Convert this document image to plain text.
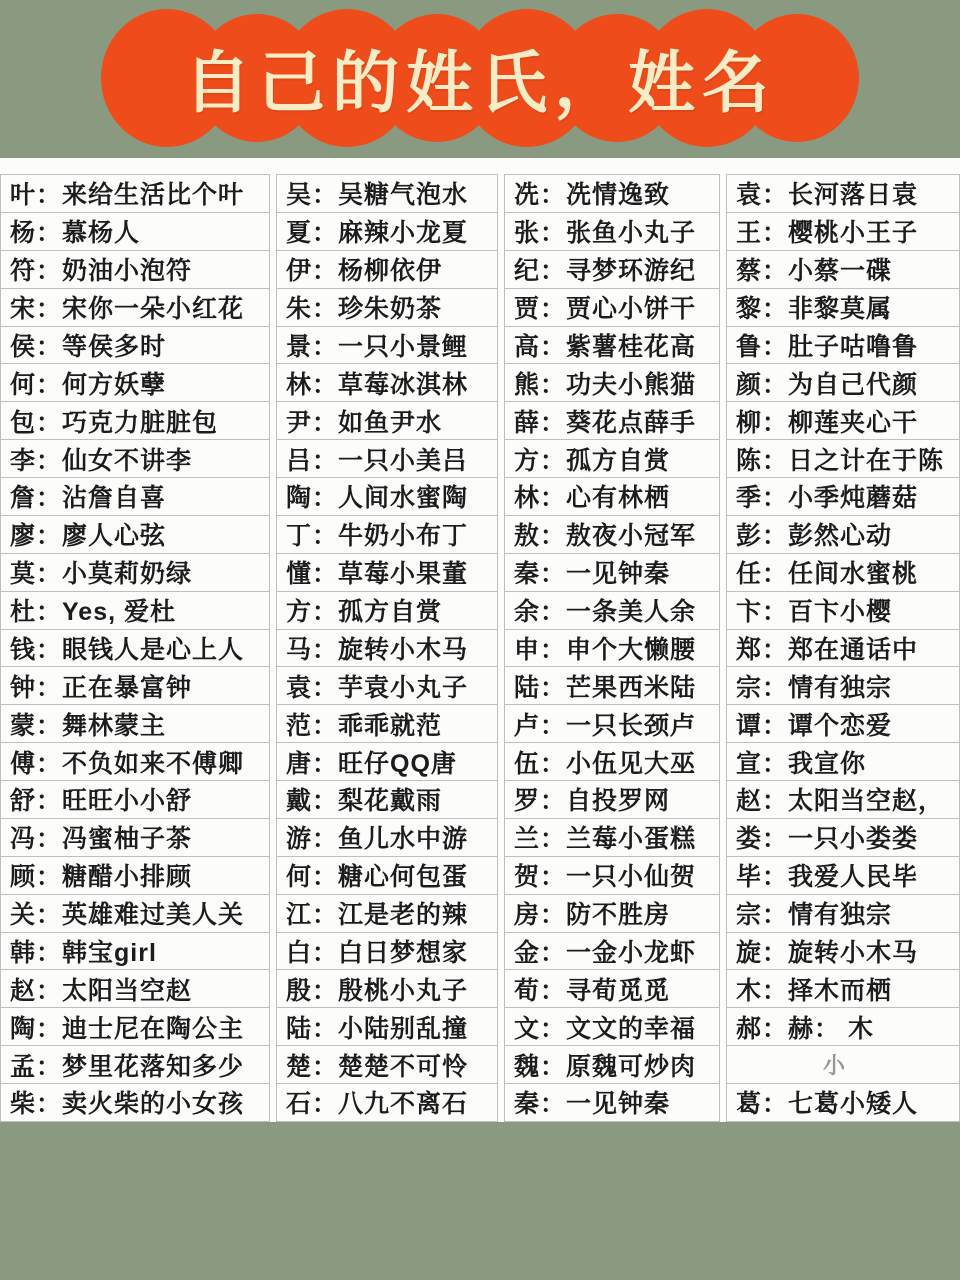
自己的姓氏，姓名
叶：来给生活比个叶
杨：慕杨人
符：奶油小泡符
宋：宋你一朵小红花
侯：等侯多时
何：何方妖孽
包：巧克力脏脏包
李：仙女不讲李
詹：沾詹自喜
廖：廖人心弦
莫：小莫莉奶绿
杜：Yes, 爱杜
钱：眼钱人是心上人
钟：正在暴富钟
蒙：舞林蒙主
傅：不负如来不傅卿
舒：旺旺小小舒
冯：冯蜜柚子茶
顾：糖醋小排顾
关：英雄难过美人关
韩：韩宝girl
赵：太阳当空赵
陶：迪士尼在陶公主
孟：梦里花落知多少
柴：卖火柴的小女孩
吴：吴糖气泡水
夏：麻辣小龙夏
伊：杨柳依伊
朱：珍朱奶茶
景：一只小景鲤
林：草莓冰淇林
尹：如鱼尹水
吕：一只小美吕
陶：人间水蜜陶
丁：牛奶小布丁
懂：草莓小果董
方：孤方自赏
马：旋转小木马
袁：芋袁小丸子
范：乖乖就范
唐：旺仔QQ唐
戴：梨花戴雨
游：鱼儿水中游
何：糖心何包蛋
江：江是老的辣
白：白日梦想家
殷：殷桃小丸子
陆：小陆别乱撞
楚：楚楚不可怜
石：八九不离石
冼：冼情逸致
张：张鱼小丸子
纪：寻梦环游纪
贾：贾心小饼干
高：紫薯桂花高
熊：功夫小熊猫
薛：葵花点薛手
方：孤方自赏
林：心有林栖
敖：敖夜小冠军
秦：一见钟秦
余：一条美人余
申：申个大懒腰
陆：芒果西米陆
卢：一只长颈卢
伍：小伍见大巫
罗：自投罗网
兰：兰莓小蛋糕
贺：一只小仙贺
房：防不胜房
金：一金小龙虾
荀：寻荀觅觅
文：文文的幸福
魏：原魏可炒肉
秦：一见钟秦
袁：长河落日袁
王：樱桃小王子
蔡：小蔡一碟
黎：非黎莫属
鲁：肚子咕噜鲁
颜：为自己代颜
柳：柳莲夹心干
陈：日之计在于陈
季：小季炖蘑菇
彭：彭然心动
任：任间水蜜桃
卞：百卞小樱
郑：郑在通话中
宗：情有独宗
谭：谭个恋爱
宣：我宣你
赵：太阳当空赵，
娄：一只小娄娄
毕：我爱人民毕
宗：情有独宗
旋：旋转小木马
木：择木而栖
郝：赫： 木
小
葛：七葛小矮人
